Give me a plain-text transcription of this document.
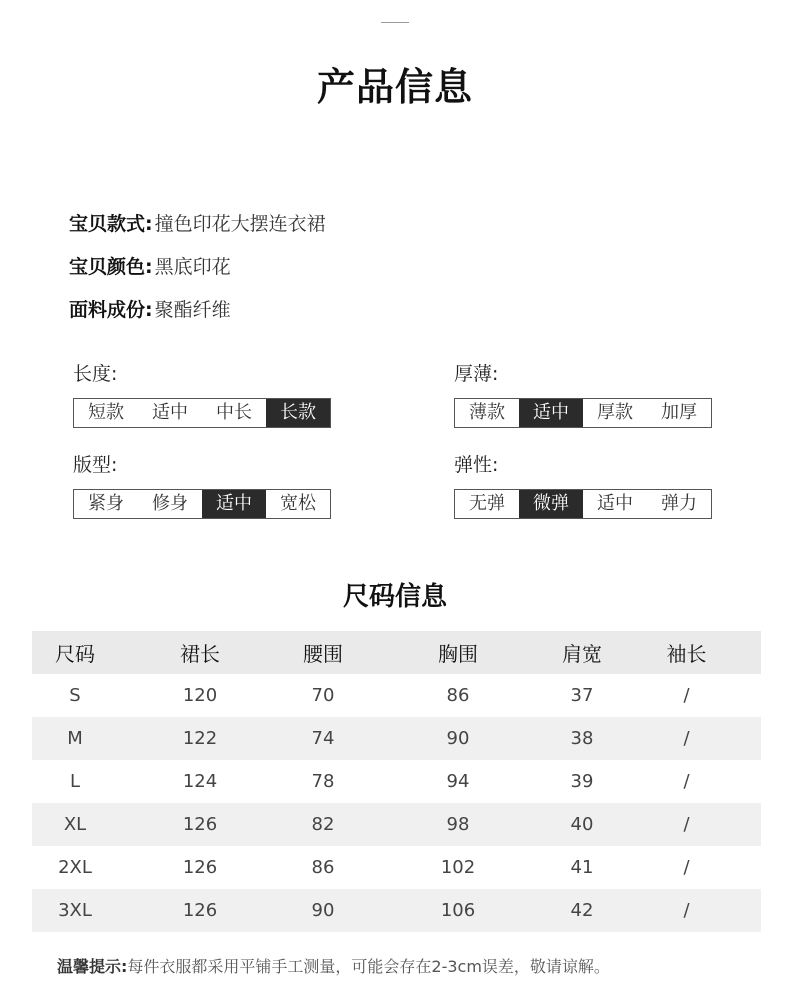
产品信息
宝贝款式: 撞色印花大摆连衣裙
宝贝颜色: 黑底印花
面料成份: 聚酯纤维
长度:
短款	适中	中长	长款
厚薄:
薄款	适中	厚款	加厚
版型:
紧身	修身	适中	宽松
弹性:
无弹	微弹	适中	弹力
尺码信息
尺码	裙长	腰围	胸围	肩宽	袖长
S	120	70	86	37	/
M	122	74	90	38	/
L	124	78	94	39	/
XL	126	82	98	40	/
2XL	126	86	102	41	/
3XL	126	90	106	42	/
温馨提示:每件衣服都采用平铺手工测量，可能会存在2-3cm误差，敬请谅解。
